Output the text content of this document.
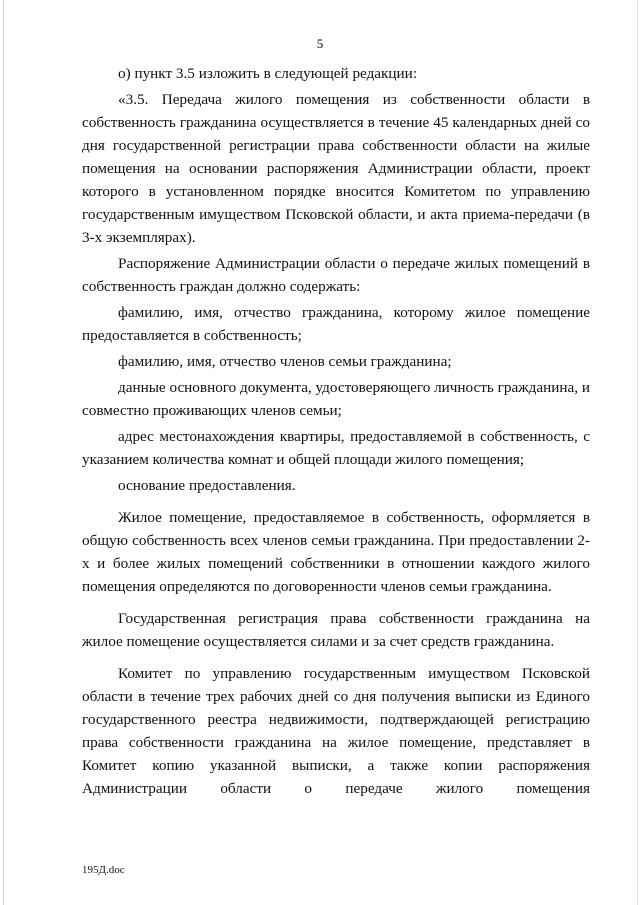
5

о) пункт 3.5 изложить в следующей редакции:

«3.5. Передача жилого помещения из собственности области в собственность гражданина осуществляется в течение 45 календарных дней со дня государственной регистрации права собственности области на жилые помещения на основании распоряжения Администрации области, проект которого в установленном порядке вносится Комитетом по управлению государственным имуществом Псковской области, и акта приема-передачи (в 3-х экземплярах).

Распоряжение Администрации области о передаче жилых помещений в собственность граждан должно содержать:

фамилию, имя, отчество гражданина, которому жилое помещение предоставляется в собственность;

фамилию, имя, отчество членов семьи гражданина;

данные основного документа, удостоверяющего личность гражданина, и совместно проживающих членов семьи;

адрес местонахождения квартиры, предоставляемой в собственность, с указанием количества комнат и общей площади жилого помещения;

основание предоставления.

Жилое помещение, предоставляемое в собственность, оформляется в общую собственность всех членов семьи гражданина. При предоставлении 2-х и более жилых помещений собственники в отношении каждого жилого помещения определяются по договоренности членов семьи гражданина.

Государственная регистрация права собственности гражданина на жилое помещение осуществляется силами и за счет средств гражданина.

Комитет по управлению государственным имуществом Псковской области в течение трех рабочих дней со дня получения выписки из Единого государственного реестра недвижимости, подтверждающей регистрацию права собственности гражданина на жилое помещение, представляет в Комитет копию указанной выписки, а также копии распоряжения Администрации области о передаче жилого помещения

195Д.doc
